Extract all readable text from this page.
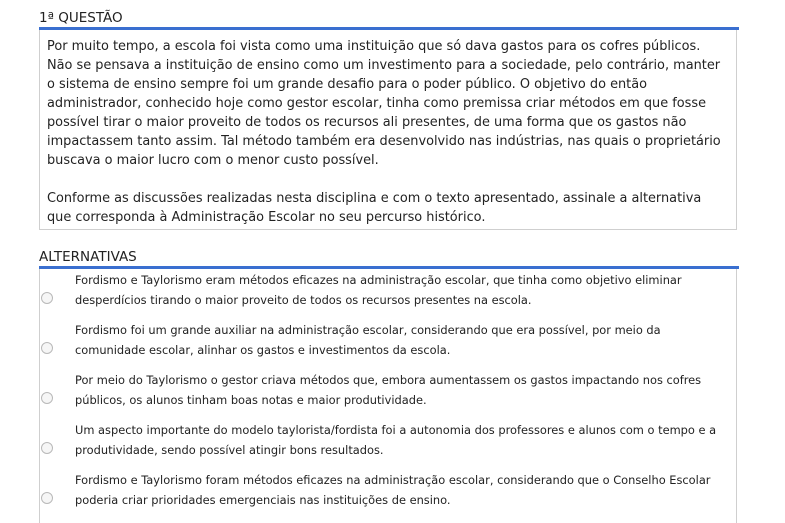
1ª QUESTÃO

Por muito tempo, a escola foi vista como uma instituição que só dava gastos para os cofres públicos. Não se pensava a instituição de ensino como um investimento para a sociedade, pelo contrário, manter o sistema de ensino sempre foi um grande desafio para o poder público. O objetivo do então administrador, conhecido hoje como gestor escolar, tinha como premissa criar métodos em que fosse possível tirar o maior proveito de todos os recursos ali presentes, de uma forma que os gastos não impactassem tanto assim. Tal método também era desenvolvido nas indústrias, nas quais o proprietário buscava o maior lucro com o menor custo possível.

Conforme as discussões realizadas nesta disciplina e com o texto apresentado, assinale a alternativa que corresponda à Administração Escolar no seu percurso histórico.

ALTERNATIVAS
Fordismo e Taylorismo eram métodos eficazes na administração escolar, que tinha como objetivo eliminar desperdícios tirando o maior proveito de todos os recursos presentes na escola.
Fordismo foi um grande auxiliar na administração escolar, considerando que era possível, por meio da comunidade escolar, alinhar os gastos e investimentos da escola.
Por meio do Taylorismo o gestor criava métodos que, embora aumentassem os gastos impactando nos cofres públicos, os alunos tinham boas notas e maior produtividade.
Um aspecto importante do modelo taylorista/fordista foi a autonomia dos professores e alunos com o tempo e a produtividade, sendo possível atingir bons resultados.
Fordismo e Taylorismo foram métodos eficazes na administração escolar, considerando que o Conselho Escolar poderia criar prioridades emergenciais nas instituições de ensino.
